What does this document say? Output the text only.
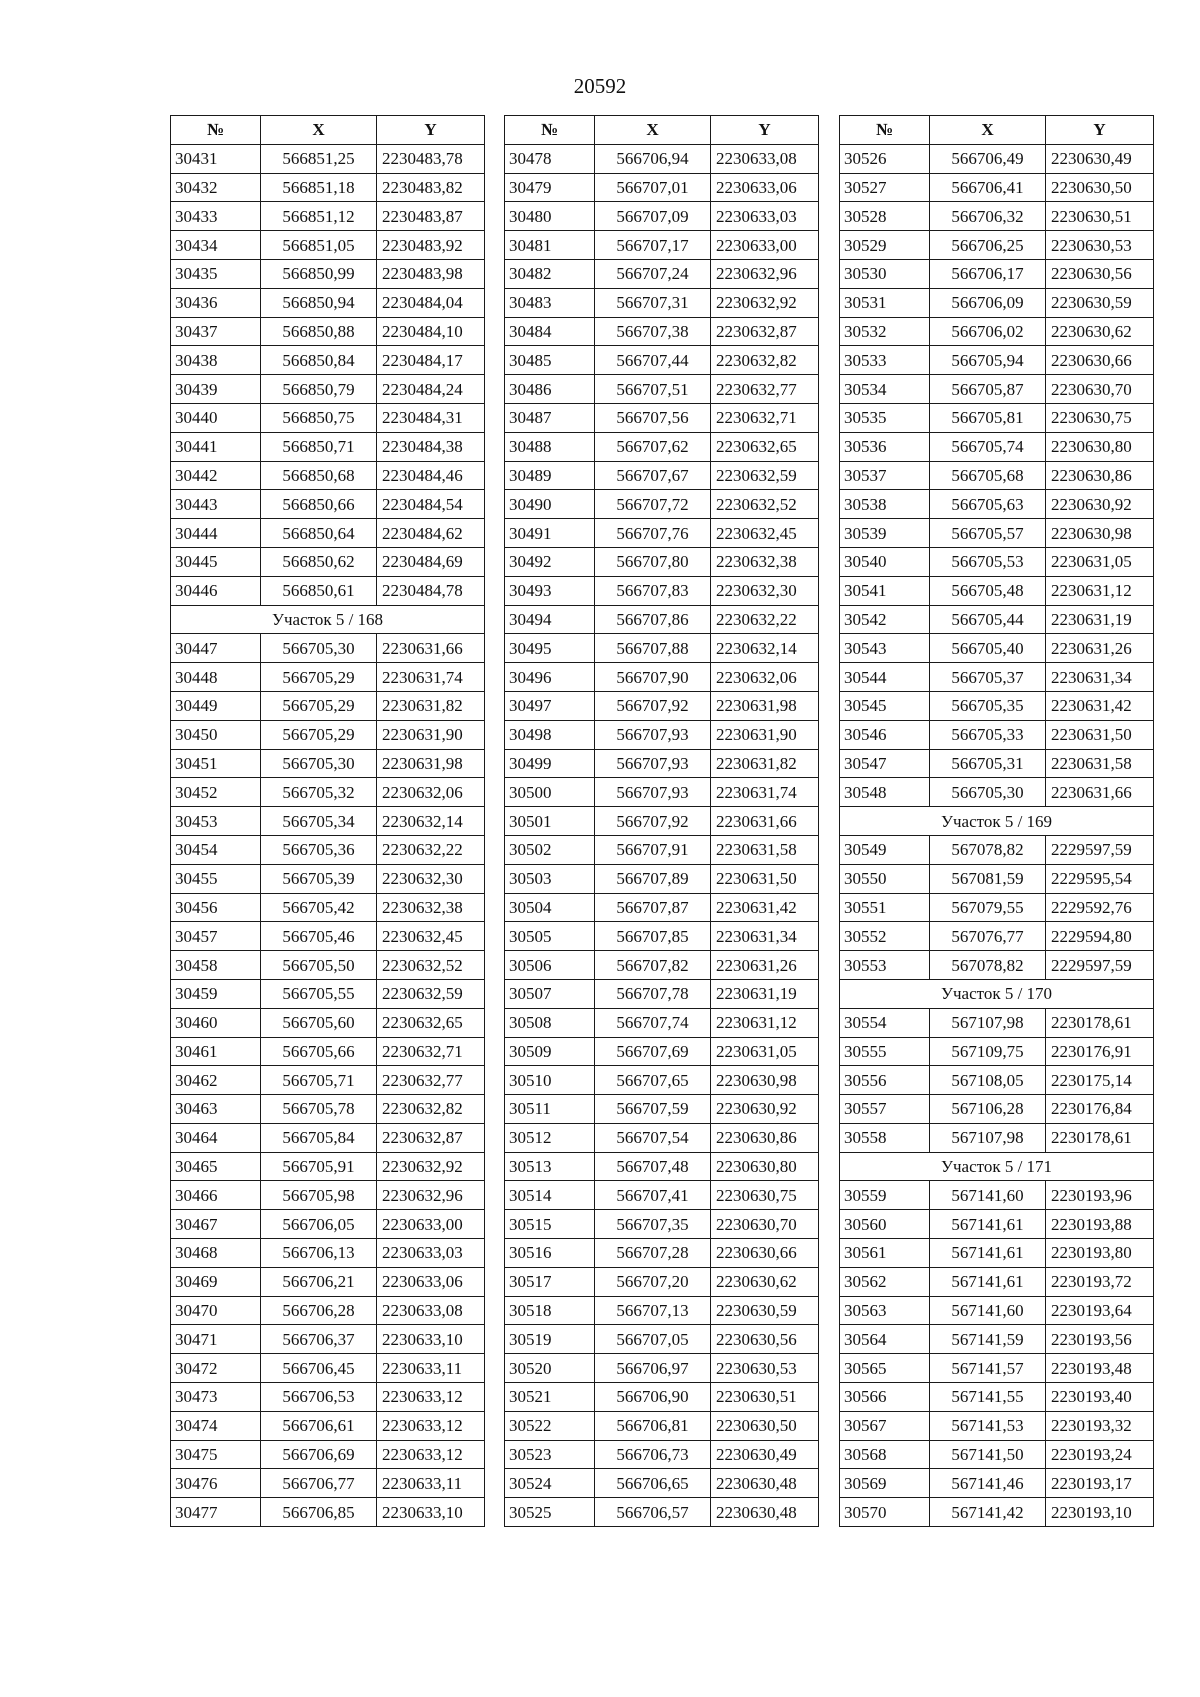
20592
№	X	Y
30431	566851,25	2230483,78
30432	566851,18	2230483,82
30433	566851,12	2230483,87
30434	566851,05	2230483,92
30435	566850,99	2230483,98
30436	566850,94	2230484,04
30437	566850,88	2230484,10
30438	566850,84	2230484,17
30439	566850,79	2230484,24
30440	566850,75	2230484,31
30441	566850,71	2230484,38
30442	566850,68	2230484,46
30443	566850,66	2230484,54
30444	566850,64	2230484,62
30445	566850,62	2230484,69
30446	566850,61	2230484,78
Участок 5 / 168		
30447	566705,30	2230631,66
30448	566705,29	2230631,74
30449	566705,29	2230631,82
30450	566705,29	2230631,90
30451	566705,30	2230631,98
30452	566705,32	2230632,06
30453	566705,34	2230632,14
30454	566705,36	2230632,22
30455	566705,39	2230632,30
30456	566705,42	2230632,38
30457	566705,46	2230632,45
30458	566705,50	2230632,52
30459	566705,55	2230632,59
30460	566705,60	2230632,65
30461	566705,66	2230632,71
30462	566705,71	2230632,77
30463	566705,78	2230632,82
30464	566705,84	2230632,87
30465	566705,91	2230632,92
30466	566705,98	2230632,96
30467	566706,05	2230633,00
30468	566706,13	2230633,03
30469	566706,21	2230633,06
30470	566706,28	2230633,08
30471	566706,37	2230633,10
30472	566706,45	2230633,11
30473	566706,53	2230633,12
30474	566706,61	2230633,12
30475	566706,69	2230633,12
30476	566706,77	2230633,11
30477	566706,85	2230633,10
№	X	Y
30478	566706,94	2230633,08
30479	566707,01	2230633,06
30480	566707,09	2230633,03
30481	566707,17	2230633,00
30482	566707,24	2230632,96
30483	566707,31	2230632,92
30484	566707,38	2230632,87
30485	566707,44	2230632,82
30486	566707,51	2230632,77
30487	566707,56	2230632,71
30488	566707,62	2230632,65
30489	566707,67	2230632,59
30490	566707,72	2230632,52
30491	566707,76	2230632,45
30492	566707,80	2230632,38
30493	566707,83	2230632,30
30494	566707,86	2230632,22
30495	566707,88	2230632,14
30496	566707,90	2230632,06
30497	566707,92	2230631,98
30498	566707,93	2230631,90
30499	566707,93	2230631,82
30500	566707,93	2230631,74
30501	566707,92	2230631,66
30502	566707,91	2230631,58
30503	566707,89	2230631,50
30504	566707,87	2230631,42
30505	566707,85	2230631,34
30506	566707,82	2230631,26
30507	566707,78	2230631,19
30508	566707,74	2230631,12
30509	566707,69	2230631,05
30510	566707,65	2230630,98
30511	566707,59	2230630,92
30512	566707,54	2230630,86
30513	566707,48	2230630,80
30514	566707,41	2230630,75
30515	566707,35	2230630,70
30516	566707,28	2230630,66
30517	566707,20	2230630,62
30518	566707,13	2230630,59
30519	566707,05	2230630,56
30520	566706,97	2230630,53
30521	566706,90	2230630,51
30522	566706,81	2230630,50
30523	566706,73	2230630,49
30524	566706,65	2230630,48
30525	566706,57	2230630,48
№	X	Y
30526	566706,49	2230630,49
30527	566706,41	2230630,50
30528	566706,32	2230630,51
30529	566706,25	2230630,53
30530	566706,17	2230630,56
30531	566706,09	2230630,59
30532	566706,02	2230630,62
30533	566705,94	2230630,66
30534	566705,87	2230630,70
30535	566705,81	2230630,75
30536	566705,74	2230630,80
30537	566705,68	2230630,86
30538	566705,63	2230630,92
30539	566705,57	2230630,98
30540	566705,53	2230631,05
30541	566705,48	2230631,12
30542	566705,44	2230631,19
30543	566705,40	2230631,26
30544	566705,37	2230631,34
30545	566705,35	2230631,42
30546	566705,33	2230631,50
30547	566705,31	2230631,58
30548	566705,30	2230631,66
Участок 5 / 169		
30549	567078,82	2229597,59
30550	567081,59	2229595,54
30551	567079,55	2229592,76
30552	567076,77	2229594,80
30553	567078,82	2229597,59
Участок 5 / 170		
30554	567107,98	2230178,61
30555	567109,75	2230176,91
30556	567108,05	2230175,14
30557	567106,28	2230176,84
30558	567107,98	2230178,61
Участок 5 / 171		
30559	567141,60	2230193,96
30560	567141,61	2230193,88
30561	567141,61	2230193,80
30562	567141,61	2230193,72
30563	567141,60	2230193,64
30564	567141,59	2230193,56
30565	567141,57	2230193,48
30566	567141,55	2230193,40
30567	567141,53	2230193,32
30568	567141,50	2230193,24
30569	567141,46	2230193,17
30570	567141,42	2230193,10
